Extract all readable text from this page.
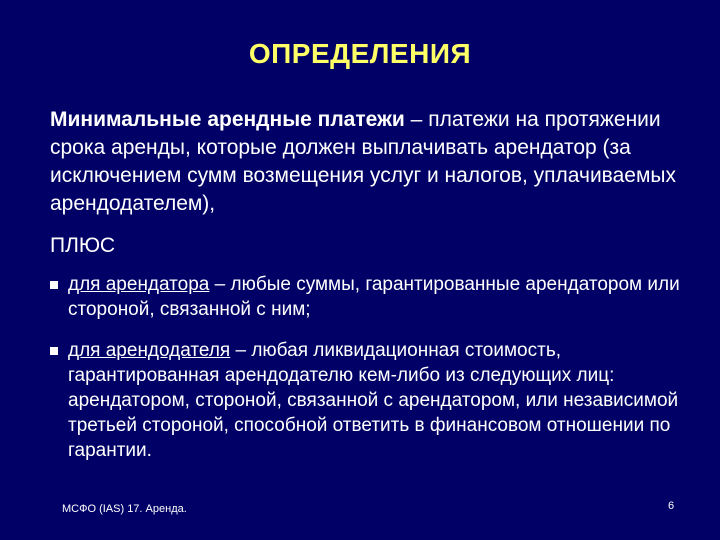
ОПРЕДЕЛЕНИЯ
Минимальные арендные платежи – платежи на протяжении срока аренды, которые должен выплачивать арендатор (за исключением сумм возмещения услуг и налогов, уплачиваемых арендодателем),
ПЛЮС
для арендатора – любые суммы, гарантированные арендатором или стороной, связанной с ним;
для арендодателя – любая ликвидационная стоимость, гарантированная арендодателю кем-либо из следующих лиц: арендатором, стороной, связанной с арендатором, или независимой третьей стороной, способной ответить в финансовом отношении по гарантии.
МСФО (IAS) 17. Аренда.	6
